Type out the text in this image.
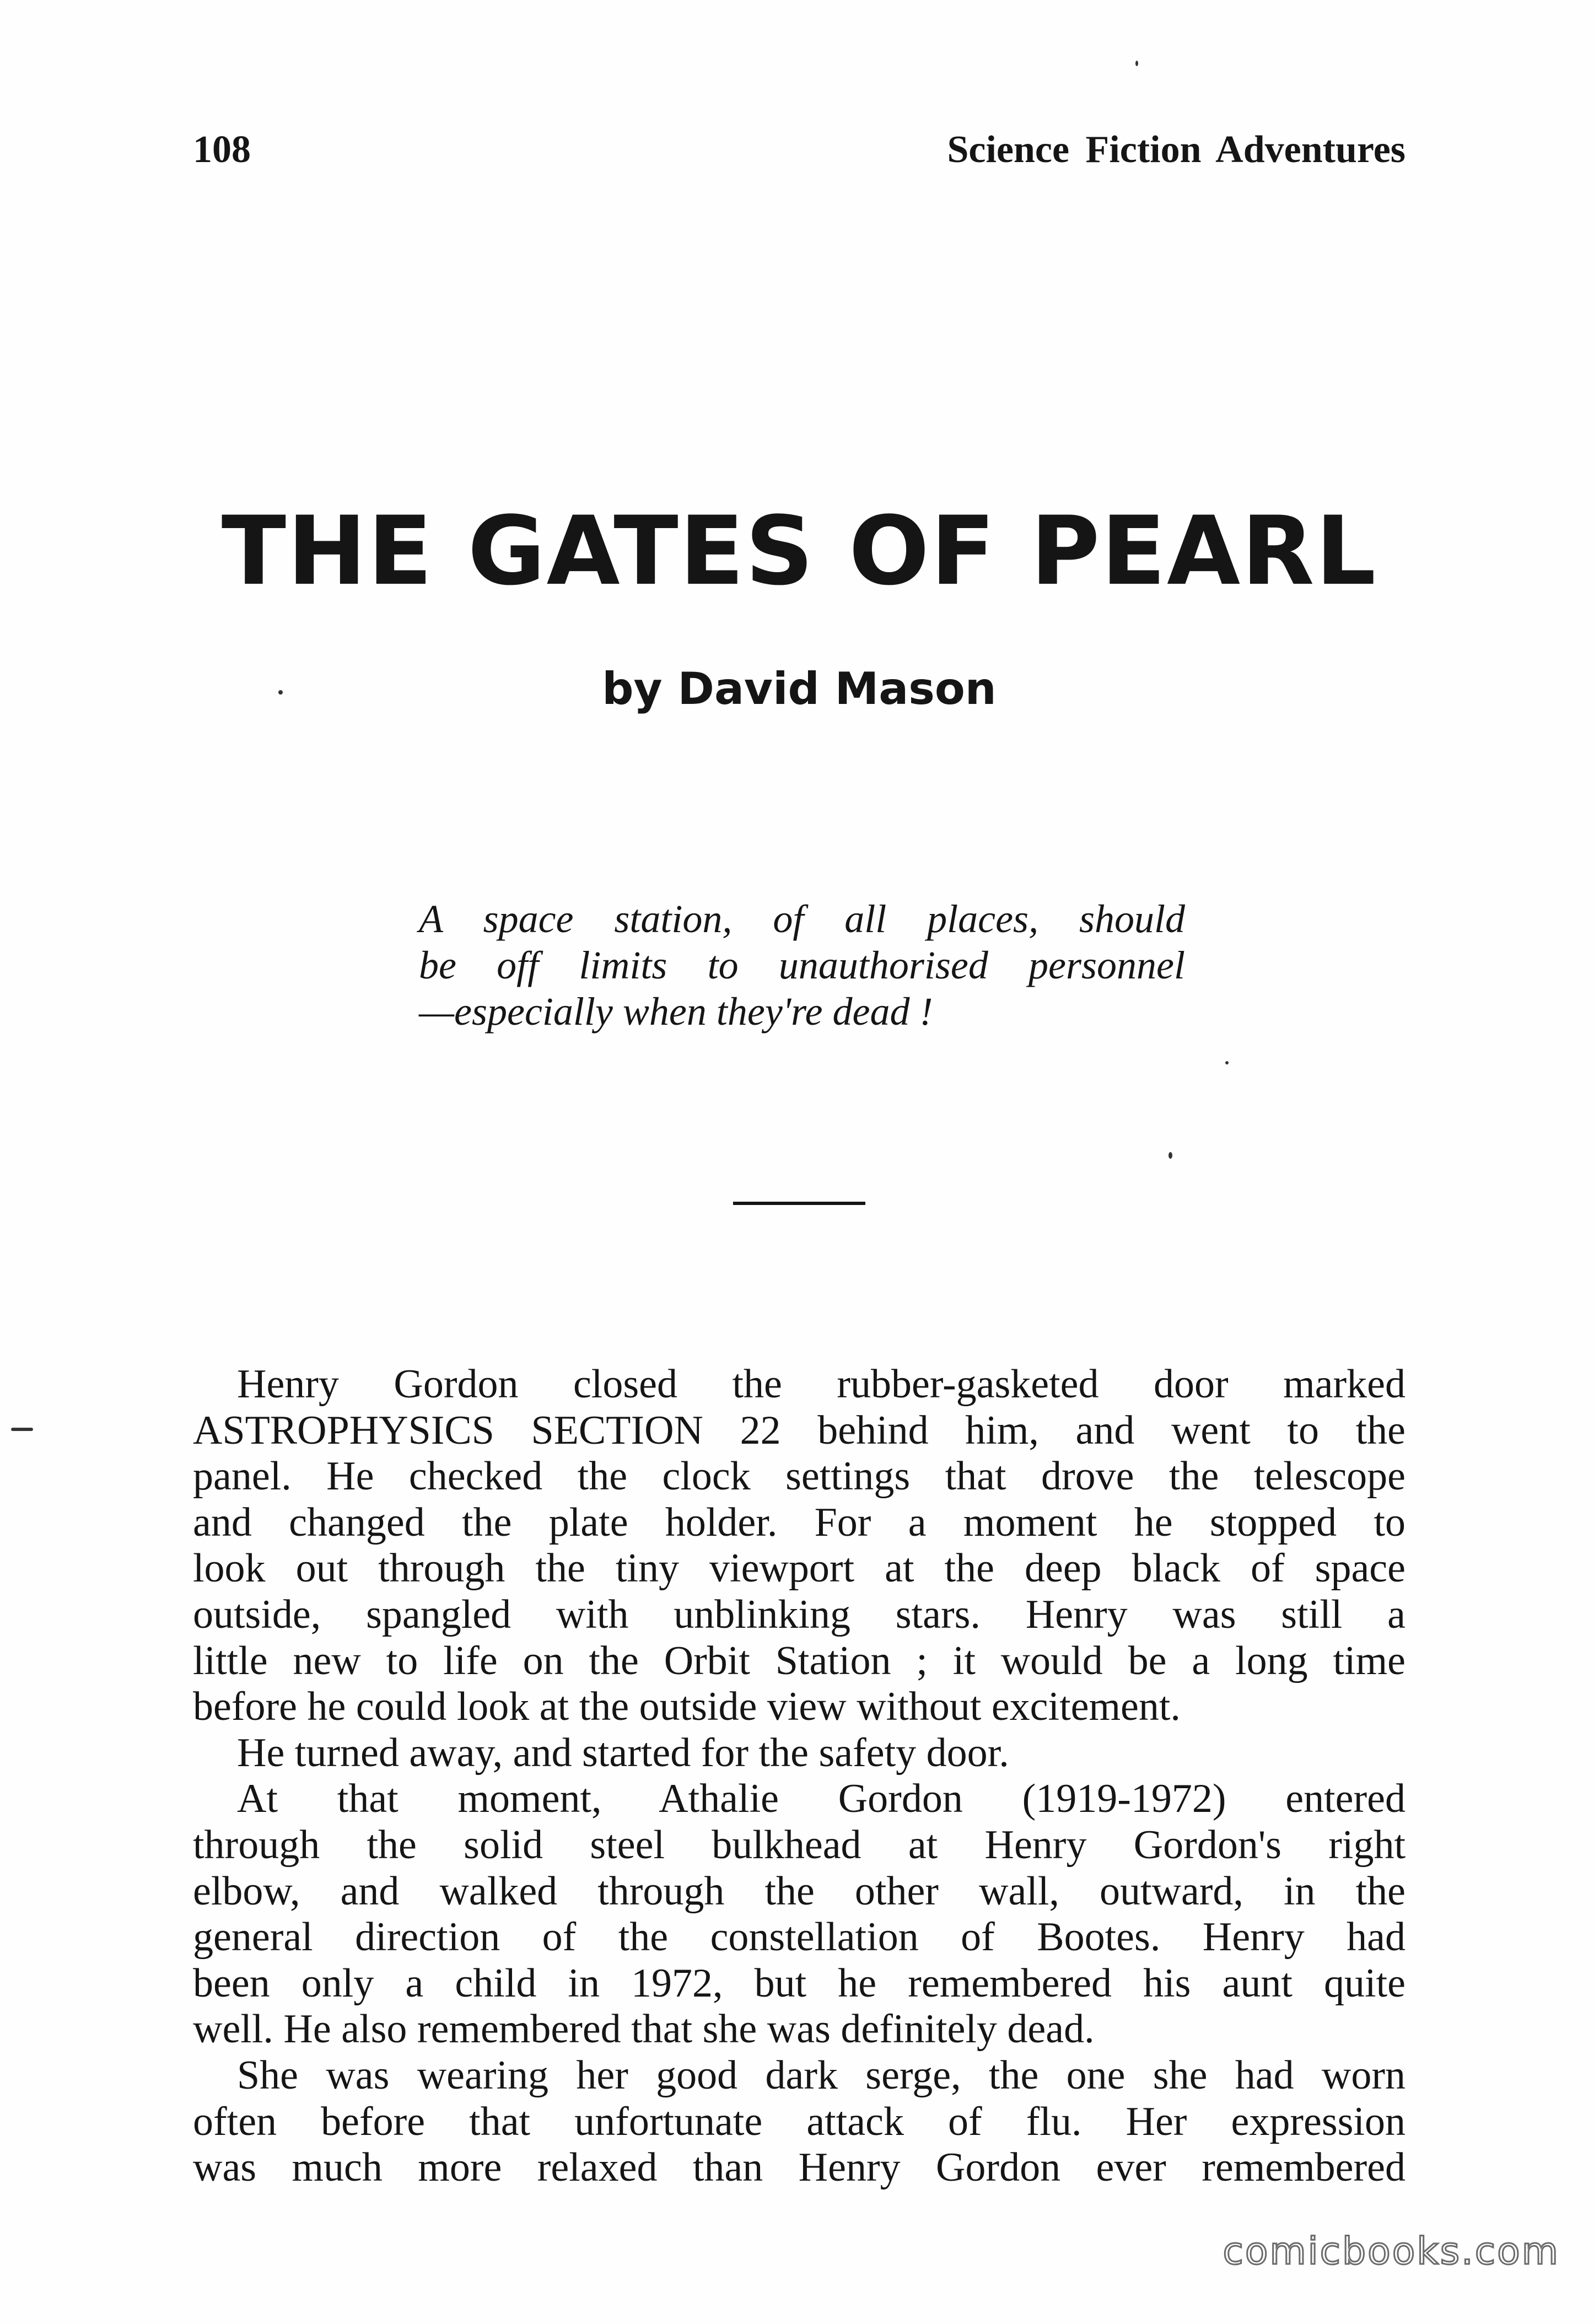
108	Science Fiction Adventures
THE GATES OF PEARL
by David Mason
A space station, of all places, should
be off limits to unauthorised personnel
—especially when they're dead !
Henry Gordon closed the rubber-gasketed door marked
ASTROPHYSICS SECTION 22 behind him, and went to the
panel. He checked the clock settings that drove the telescope
and changed the plate holder. For a moment he stopped to
look out through the tiny viewport at the deep black of space
outside, spangled with unblinking stars. Henry was still a
little new to life on the Orbit Station ; it would be a long time
before he could look at the outside view without excitement.
He turned away, and started for the safety door.
At that moment, Athalie Gordon (1919-1972) entered
through the solid steel bulkhead at Henry Gordon's right
elbow, and walked through the other wall, outward, in the
general direction of the constellation of Bootes. Henry had
been only a child in 1972, but he remembered his aunt quite
well. He also remembered that she was definitely dead.
She was wearing her good dark serge, the one she had worn
often before that unfortunate attack of flu. Her expression
was much more relaxed than Henry Gordon ever remembered
comicbooks.com
